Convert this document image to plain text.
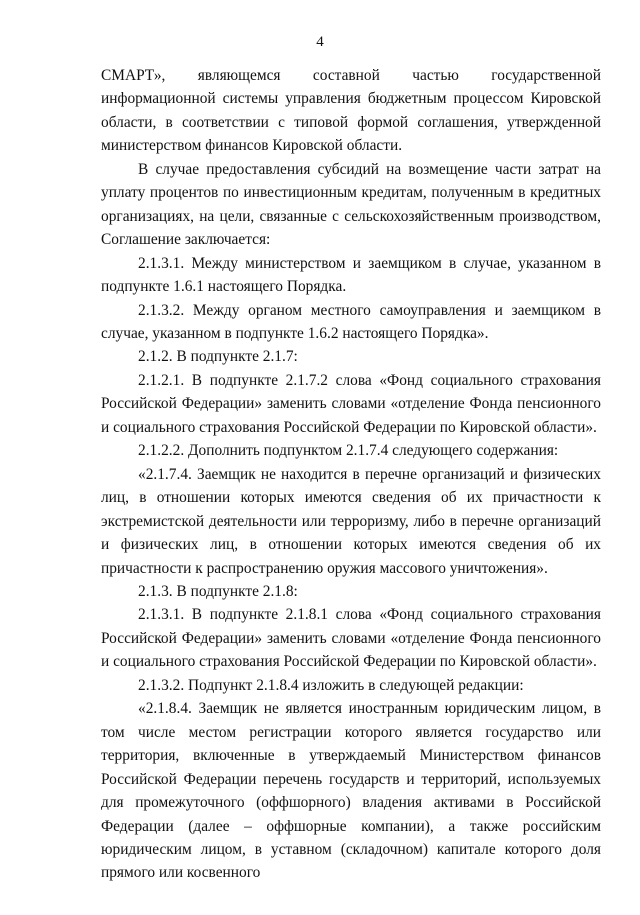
4

СМАРТ», являющемся составной частью государственной информационной системы управления бюджетным процессом Кировской области, в соответствии с типовой формой соглашения, утвержденной министерством финансов Кировской области.

В случае предоставления субсидий на возмещение части затрат на уплату процентов по инвестиционным кредитам, полученным в кредитных организациях, на цели, связанные с сельскохозяйственным производством, Соглашение заключается:

2.1.3.1. Между министерством и заемщиком в случае, указанном в подпункте 1.6.1 настоящего Порядка.

2.1.3.2. Между органом местного самоуправления и заемщиком в случае, указанном в подпункте 1.6.2 настоящего Порядка».

2.1.2. В подпункте 2.1.7:

2.1.2.1. В подпункте 2.1.7.2 слова «Фонд социального страхования Российской Федерации» заменить словами «отделение Фонда пенсионного и социального страхования Российской Федерации по Кировской области».

2.1.2.2. Дополнить подпунктом 2.1.7.4 следующего содержания:

«2.1.7.4. Заемщик не находится в перечне организаций и физических лиц, в отношении которых имеются сведения об их причастности к экстремистской деятельности или терроризму, либо в перечне организаций и физических лиц, в отношении которых имеются сведения об их причастности к распространению оружия массового уничтожения».

2.1.3. В подпункте 2.1.8:

2.1.3.1. В подпункте 2.1.8.1 слова «Фонд социального страхования Российской Федерации» заменить словами «отделение Фонда пенсионного и социального страхования Российской Федерации по Кировской области».

2.1.3.2. Подпункт 2.1.8.4 изложить в следующей редакции:

«2.1.8.4. Заемщик не является иностранным юридическим лицом, в том числе местом регистрации которого является государство или территория, включенные в утверждаемый Министерством финансов Российской Федерации перечень государств и территорий, используемых для промежуточного (оффшорного) владения активами в Российской Федерации (далее – оффшорные компании), а также российским юридическим лицом, в уставном (складочном) капитале которого доля прямого или косвенного
